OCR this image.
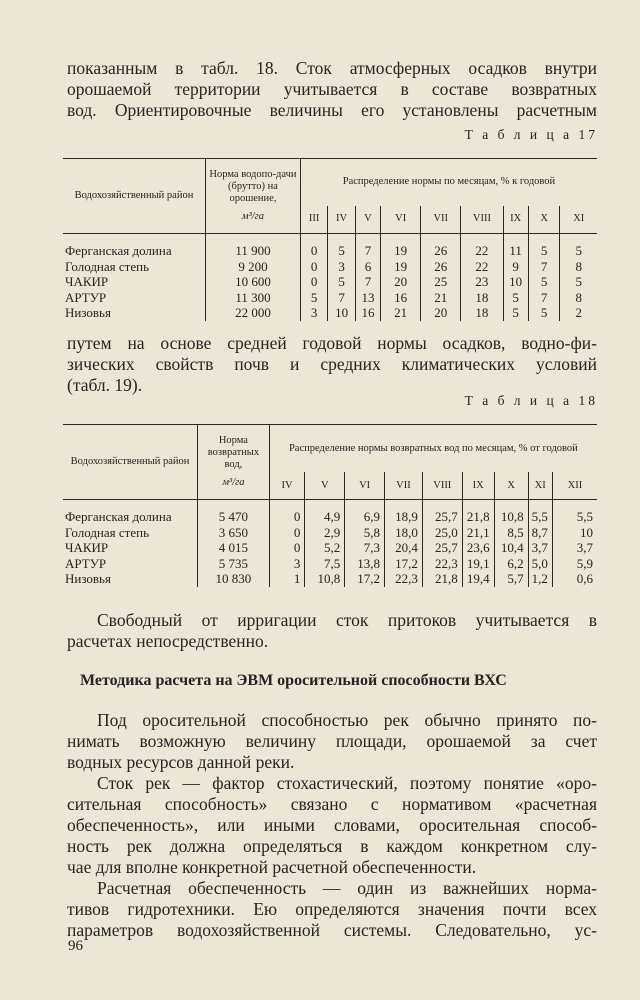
показанным в табл. 18. Сток атмосферных осадков внутри
орошаемой территории учитывается в составе возвратных
вод. Ориентировочные величины его установлены расчетным

Т а б л и ц а 17
Водохозяйственный район	Норма водопо-дачи (брутто) на орошение,
м³/га	Распределение нормы по месяцам, % к годовой								
		III	IV	V	VI	VII	VIII	IX	X	XI

Ферганская долина	11 900	0	5	7	19	26	22	11	5	5
Голодная степь	9 200	0	3	6	19	26	22	9	7	8
ЧАКИР	10 600	0	5	7	20	25	23	10	5	5
АРТУР	11 300	5	7	13	16	21	18	5	7	8
Низовья	22 000	3	10	16	21	20	18	5	5	2

путем на основе средней годовой нормы осадков, водно-фи-
зических свойств почв и средних климатических условий
(табл. 19).

Т а б л и ц а 18
Водохозяйственный район	Норма возвратных вод,
м³/га	Распределение нормы возвратных вод по месяцам, % от годовой								
		IV	V	VI	VII	VIII	IX	X	XI	XII

Ферганская долина	5 470	0	4,9	6,9	18,9	25,7	21,8	10,8	5,5	5,5
Голодная степь	3 650	0	2,9	5,8	18,0	25,0	21,1	8,5	8,7	10
ЧАКИР	4 015	0	5,2	7,3	20,4	25,7	23,6	10,4	3,7	3,7
АРТУР	5 735	3	7,5	13,8	17,2	22,3	19,1	6,2	5,0	5,9
Низовья	10 830	1	10,8	17,2	22,3	21,8	19,4	5,7	1,2	0,6

Свободный от ирригации сток притоков учитывается в
расчетах непосредственно.

Методика расчета на ЭВМ оросительной способности ВХС

Под оросительной способностью рек обычно принято по-
нимать возможную величину площади, орошаемой за счет
водных ресурсов данной реки.

Сток рек — фактор стохастический, поэтому понятие «оро-
сительная способность» связано с нормативом «расчетная
обеспеченность», или иными словами, оросительная способ-
ность рек должна определяться в каждом конкретном слу-
чае для вполне конкретной расчетной обеспеченности.

Расчетная обеспеченность — один из важнейших норма-
тивов гидротехники. Ею определяются значения почти всех
параметров водохозяйственной системы. Следовательно, ус-

96
